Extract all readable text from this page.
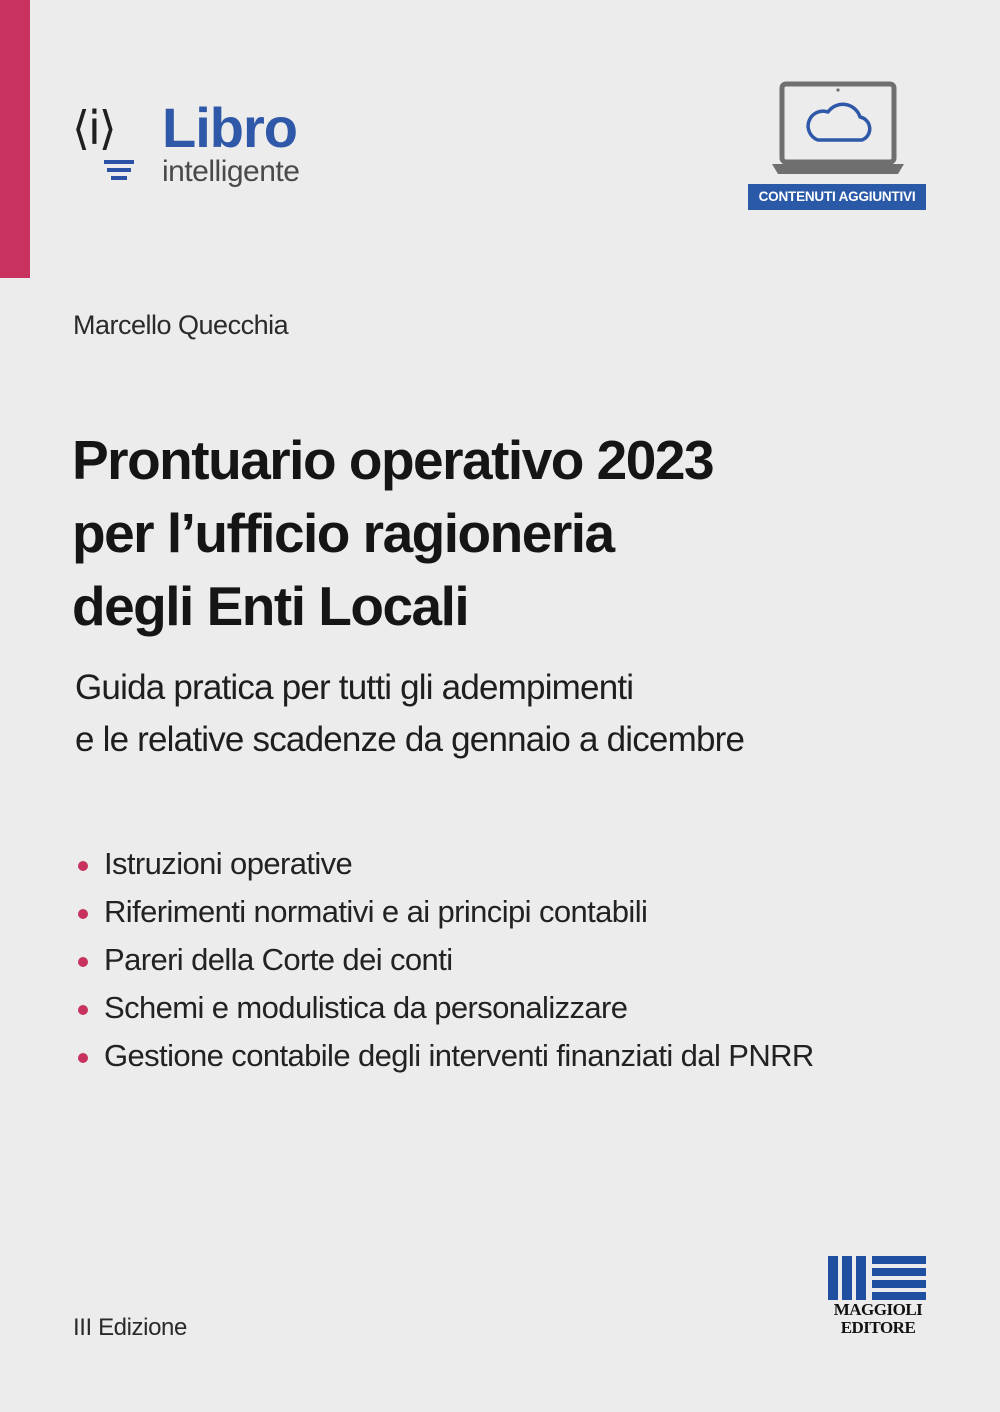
⟨i⟩ Libro
intelligente
CONTENUTI AGGIUNTIVI
Marcello Quecchia
Prontuario operativo 2023
per l’ufficio ragioneria
degli Enti Locali
Guida pratica per tutti gli adempimenti
e le relative scadenze da gennaio a dicembre
Istruzioni operative
Riferimenti normativi e ai principi contabili
Pareri della Corte dei conti
Schemi e modulistica da personalizzare
Gestione contabile degli interventi finanziati dal PNRR
III Edizione
MAGGIOLI
EDITORE
